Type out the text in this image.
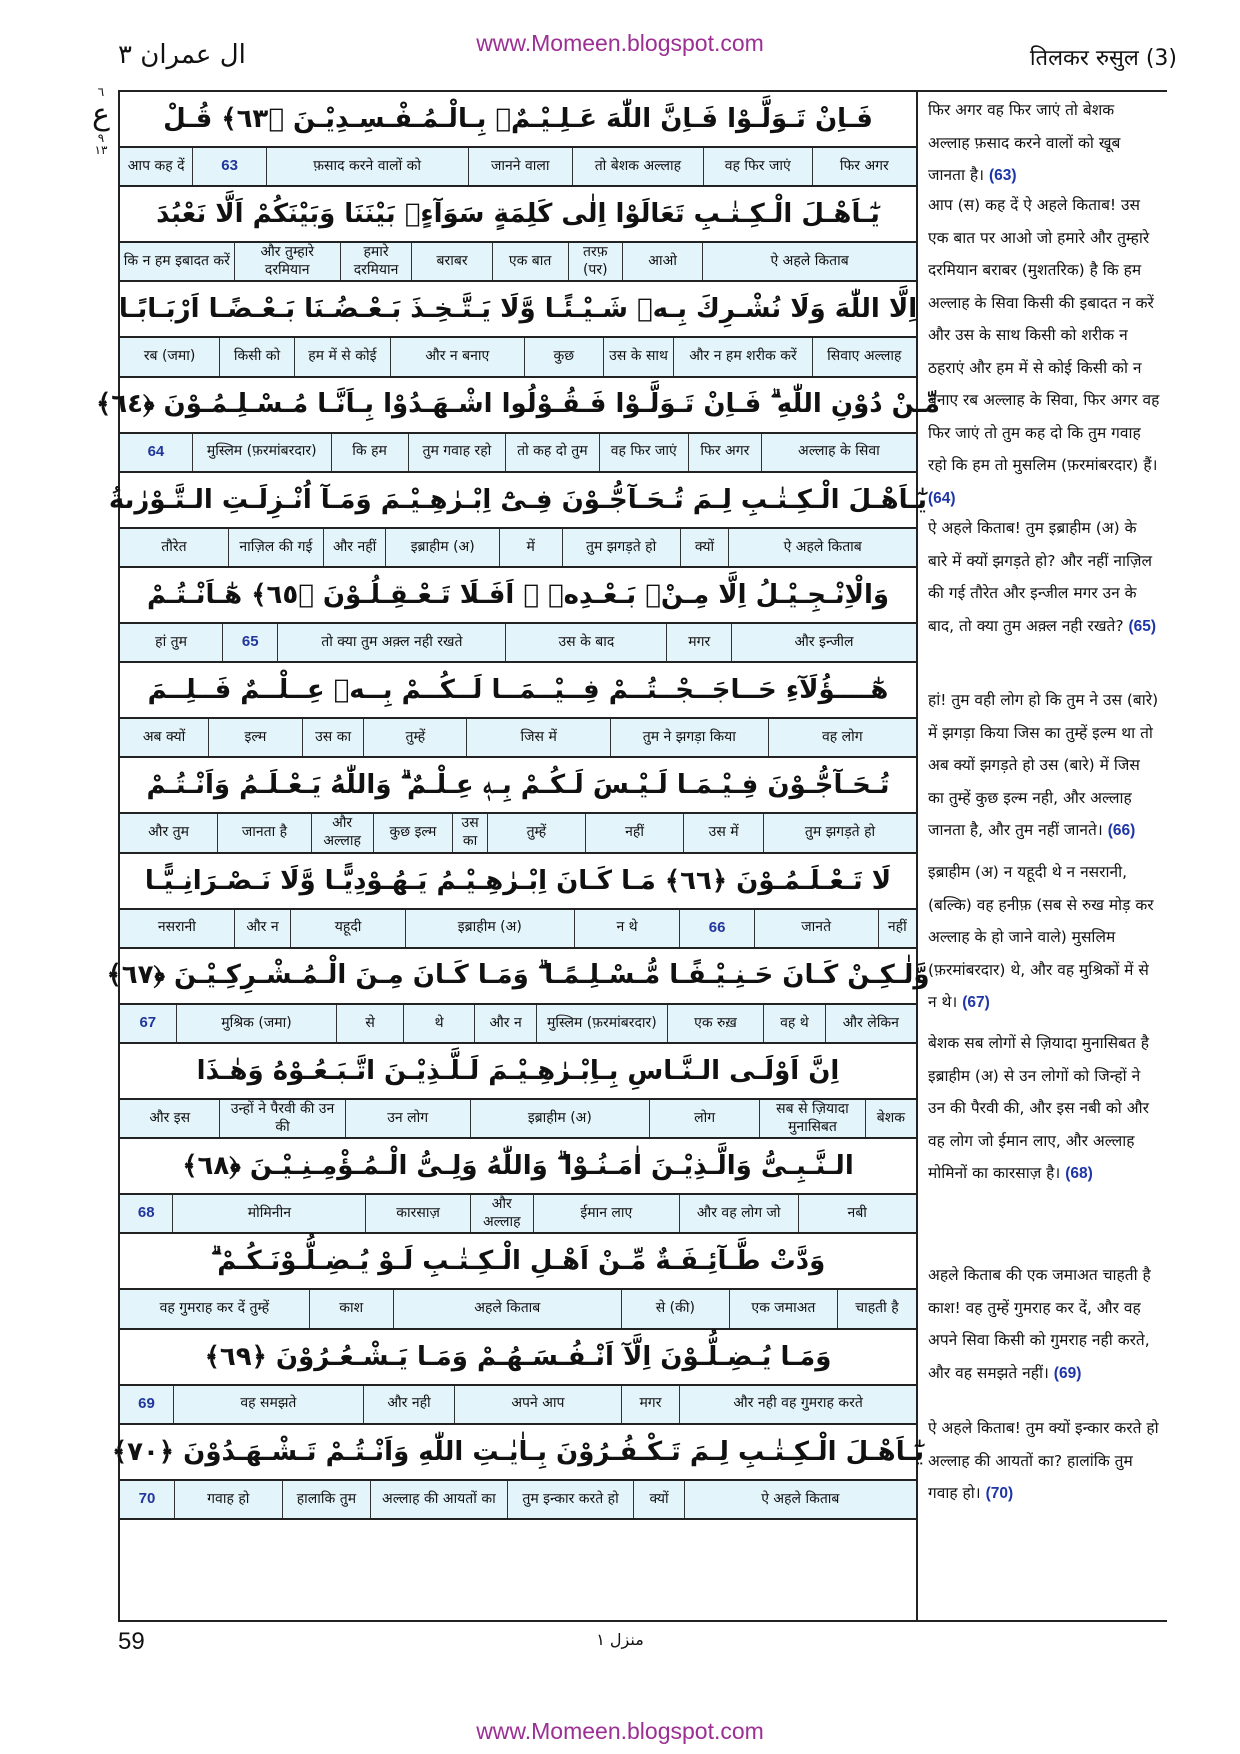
www.Momeen.blogspot.com
ال عمران ۳	तिलकर रुसुल (3)
٦
ع
٩
١٣
فَـاِنْ تَـوَلَّـوْا فَـاِنَّ اللّٰهَ عَـلِـيْـمٌۢ بِـالْـمُـفْـسِـدِيْـنَ ﴿٦٣﴾ قُـلْ
फिर अगर
वह फिर जाएं
तो बेशक अल्लाह
जानने वाला
फ़साद करने वालों को
63
आप कह दें
يٰٓـاَهْـلَ الْـكِـتٰـبِ تَعَالَوْا اِلٰى كَلِمَةٍ سَوَآءٍۢ بَيْنَنَا وَبَيْنَكُمْ اَلَّا نَعْبُدَ
ऐ अहले किताब
आओ
तरफ़ (पर)
एक बात
बराबर
हमारे दरमियान
और तुम्हारे दरमियान
कि न हम इबादत करें
اِلَّا اللّٰهَ وَلَا نُشْـرِكَ بِـهٖ شَـيْـئًـا وَّلَا يَـتَّـخِـذَ بَـعْـضُـنَا بَـعْـضًـا اَرْبَـابًـا
सिवाए अल्लाह
और न हम शरीक करें
उस के साथ
कुछ
और न बनाए
हम में से कोई
किसी को
रब (जमा)
مِّـنْ دُوْنِ اللّٰهِ ۗ فَـاِنْ تَـوَلَّـوْا فَـقُـوْلُوا اشْـهَـدُوْا بِـاَنَّـا مُـسْـلِـمُـوْنَ ﴿٦٤﴾
अल्लाह के सिवा
फिर अगर
वह फिर जाएं
तो कह दो तुम
तुम गवाह रहो
कि हम
मुस्लिम (फ़रमांबरदार)
64
يٰٓـاَهْـلَ الْـكِـتٰـبِ لِـمَ تُـحَـآجُّـوْنَ فِـىْٓ اِبْـرٰهِـيْـمَ وَمَـآ اُنْـزِلَـتِ الـتَّـوْرٰىةُ
ऐ अहले किताब
क्यों
तुम झगड़ते हो
में
इब्राहीम (अ)
और नहीं
नाज़िल की गई
तौरेत
وَالْاِنْـجِـيْـلُ اِلَّا مِـنْۢ بَـعْـدِهٖ ۗ اَفَـلَا تَـعْـقِـلُـوْنَ ﴿٦٥﴾ هٰٓـاَنْـتُـمْ
और इन्जील
मगर
उस के बाद
तो क्या तुम अक़्ल नही रखते
65
हां तुम
هٰٓــــؤُلَآءِ حَــاجَــجْــتُــمْ فِــيْــمَــا لَــكُــمْ بِــهٖ عِــلْــمٌ فَــلِــمَ
वह लोग
तुम ने झगड़ा किया
जिस में
तुम्हें
उस का
इल्म
अब क्यों
تُـحَـآجُّـوْنَ فِـيْـمَـا لَـيْـسَ لَـكُـمْ بِـهٖ عِـلْـمٌ ۗ وَاللّٰهُ يَـعْـلَـمُ وَاَنْـتُـمْ
तुम झगड़ते हो
उस में
नहीं
तुम्हें
उस का
कुछ इल्म
और अल्लाह
जानता है
और तुम
لَا تَـعْـلَـمُـوْنَ ﴿٦٦﴾ مَـا كَـانَ اِبْـرٰهِـيْـمُ يَـهُـوْدِيًّـا وَّلَا نَـصْـرَانِـيًّـا
नहीं
जानते
66
न थे
इब्राहीम (अ)
यहूदी
और न
नसरानी
وَّلٰـكِـنْ كَـانَ حَـنِـيْـفًـا مُّـسْـلِـمًـا ۗ وَمَـا كَـانَ مِـنَ الْـمُـشْـرِكِـيْـنَ ﴿٦٧﴾
और लेकिन
वह थे
एक रुख़
मुस्लिम (फ़रमांबरदार)
और न
थे
से
मुश्रिक (जमा)
67
اِنَّ اَوْلَـى الـنَّـاسِ بِـاِبْـرٰهِـيْـمَ لَـلَّـذِيْـنَ اتَّـبَـعُـوْهُ وَهٰـذَا
बेशक
सब से ज़ियादा मुनासिबत
लोग
इब्राहीम (अ)
उन लोग
उन्हों ने पैरवी की उन की
और इस
الـنَّـبِـىُّ وَالَّـذِيْـنَ اٰمَـنُـوْا ۗ وَاللّٰهُ وَلِـىُّ الْـمُـؤْمِـنِـيْـنَ ﴿٦٨﴾
नबी
और वह लोग जो
ईमान लाए
और अल्लाह
कारसाज़
मोमिनीन
68
وَدَّتْ طَّـآئِـفَـةٌ مِّـنْ اَهْـلِ الْـكِـتٰـبِ لَـوْ يُـضِـلُّـوْنَـكُـمْ ۗ
चाहती है
एक जमाअत
से (की)
अहले किताब
काश
वह गुमराह कर दें तुम्हें
وَمَـا يُـضِـلُّـوْنَ اِلَّآ اَنْـفُـسَـهُـمْ وَمَـا يَـشْـعُـرُوْنَ ﴿٦٩﴾
और नही वह गुमराह करते
मगर
अपने आप
और नही
वह समझते
69
يٰٓـاَهْـلَ الْـكِـتٰـبِ لِـمَ تَـكْـفُـرُوْنَ بِـاٰيٰـتِ اللّٰهِ وَاَنْـتُـمْ تَـشْـهَـدُوْنَ ﴿٧٠﴾
ऐ अहले किताब
क्यों
तुम इन्कार करते हो
अल्लाह की आयतों का
हालाकि तुम
गवाह हो
70
फिर अगर वह फिर जाएं तो बेशक अल्लाह फ़साद करने वालों को खूब जानता है। (63)
आप (स) कह दें ऐ अहले किताब! उस एक बात पर आओ जो हमारे और तुम्हारे दरमियान बराबर (मुशतरिक) है कि हम अल्लाह के सिवा किसी की इबादत न करें और उस के साथ किसी को शरीक न ठहराएं और हम में से कोई किसी को न बनाए रब अल्लाह के सिवा, फिर अगर वह फिर जाएं तो तुम कह दो कि तुम गवाह रहो कि हम तो मुसलिम (फ़रमांबरदार) हैं। (64)
ऐ अहले किताब! तुम इब्राहीम (अ) के बारे में क्यों झगड़ते हो? और नहीं नाज़िल की गई तौरेत और इन्जील मगर उन के बाद, तो क्या तुम अक़्ल नही रखते? (65)
हां! तुम वही लोग हो कि तुम ने उस (बारे) में झगड़ा किया जिस का तुम्हें इल्म था तो अब क्यों झगड़ते हो उस (बारे) में जिस का तुम्हें कुछ इल्म नही, और अल्लाह जानता है, और तुम नहीं जानते। (66)
इब्राहीम (अ) न यहूदी थे न नसरानी, (बल्कि) वह हनीफ़ (सब से रुख मोड़ कर अल्लाह के हो जाने वाले) मुसलिम (फ़रमांबरदार) थे, और वह मुश्रिकों में से न थे। (67)
बेशक सब लोगों से ज़ियादा मुनासिबत है इब्राहीम (अ) से उन लोगों को जिन्हों ने उन की पैरवी की, और इस नबी को और वह लोग जो ईमान लाए, और अल्लाह मोमिनों का कारसाज़ है। (68)
अहले किताब की एक जमाअत चाहती है काश! वह तुम्हें गुमराह कर दें, और वह अपने सिवा किसी को गुमराह नही करते, और वह समझते नहीं। (69)
ऐ अहले किताब! तुम क्यों इन्कार करते हो अल्लाह की आयतों का? हालांकि तुम गवाह हो। (70)
59	منزل ١
www.Momeen.blogspot.com
